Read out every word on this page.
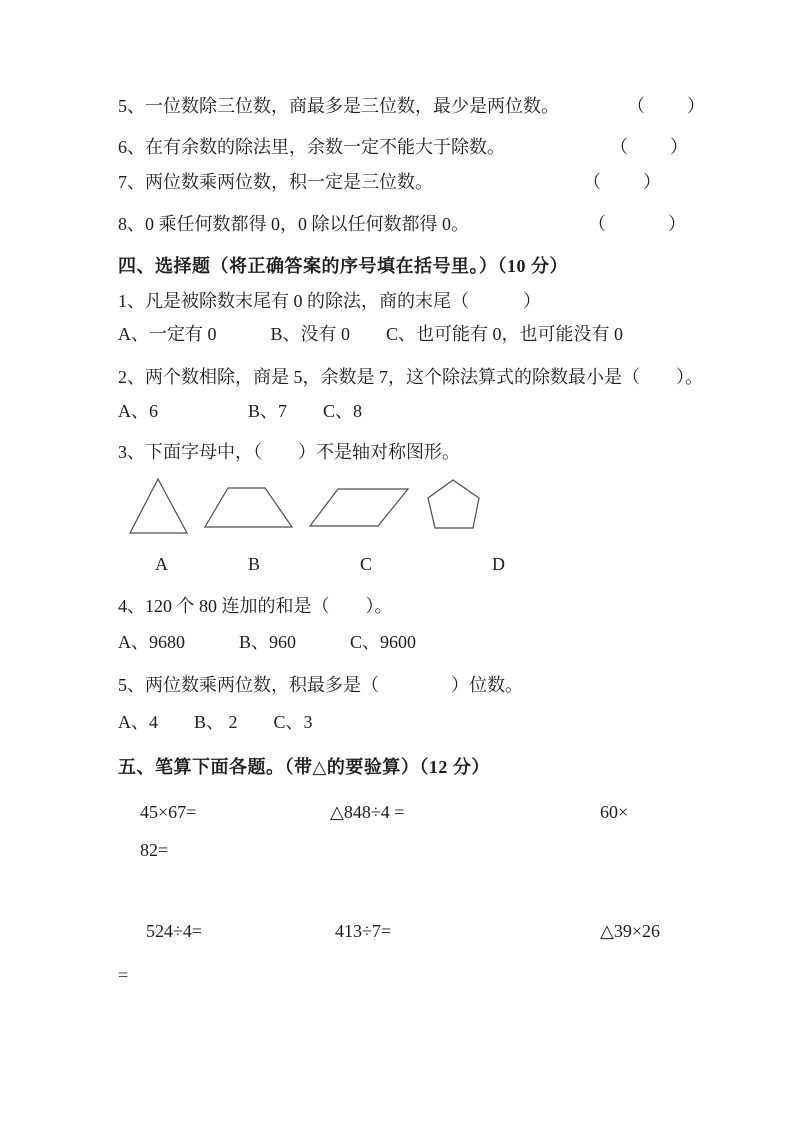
5、一位数除三位数，商最多是三位数，最少是两位数。	（　　）
6、在有余数的除法里，余数一定不能大于除数。	（　　）
7、两位数乘两位数，积一定是三位数。	（　　）
8、0 乘任何数都得 0，0 除以任何数都得 0。	（　　　）
四、选择题（将正确答案的序号填在括号里。）（10 分）
1、凡是被除数末尾有 0 的除法，商的末尾（　　　）
A、一定有 0　　　B、没有 0　　C、也可能有 0，也可能没有 0
2、两个数相除，商是 5，余数是 7，这个除法算式的除数最小是（　　）。
A、6　　　　　B、7　　C、8
3、下面字母中，（　　）不是轴对称图形。
A	B	C	D
4、120 个 80 连加的和是（　　）。
A、9680　　　B、960　　　C、9600
5、两位数乘两位数，积最多是（　　　　）位数。
A、4　　B、 2　　C、3
五、笔算下面各题。（带△的要验算）（12 分）
45×67=	△848÷4 =	60×
82=
524÷4=	413÷7=	△39×26
=
